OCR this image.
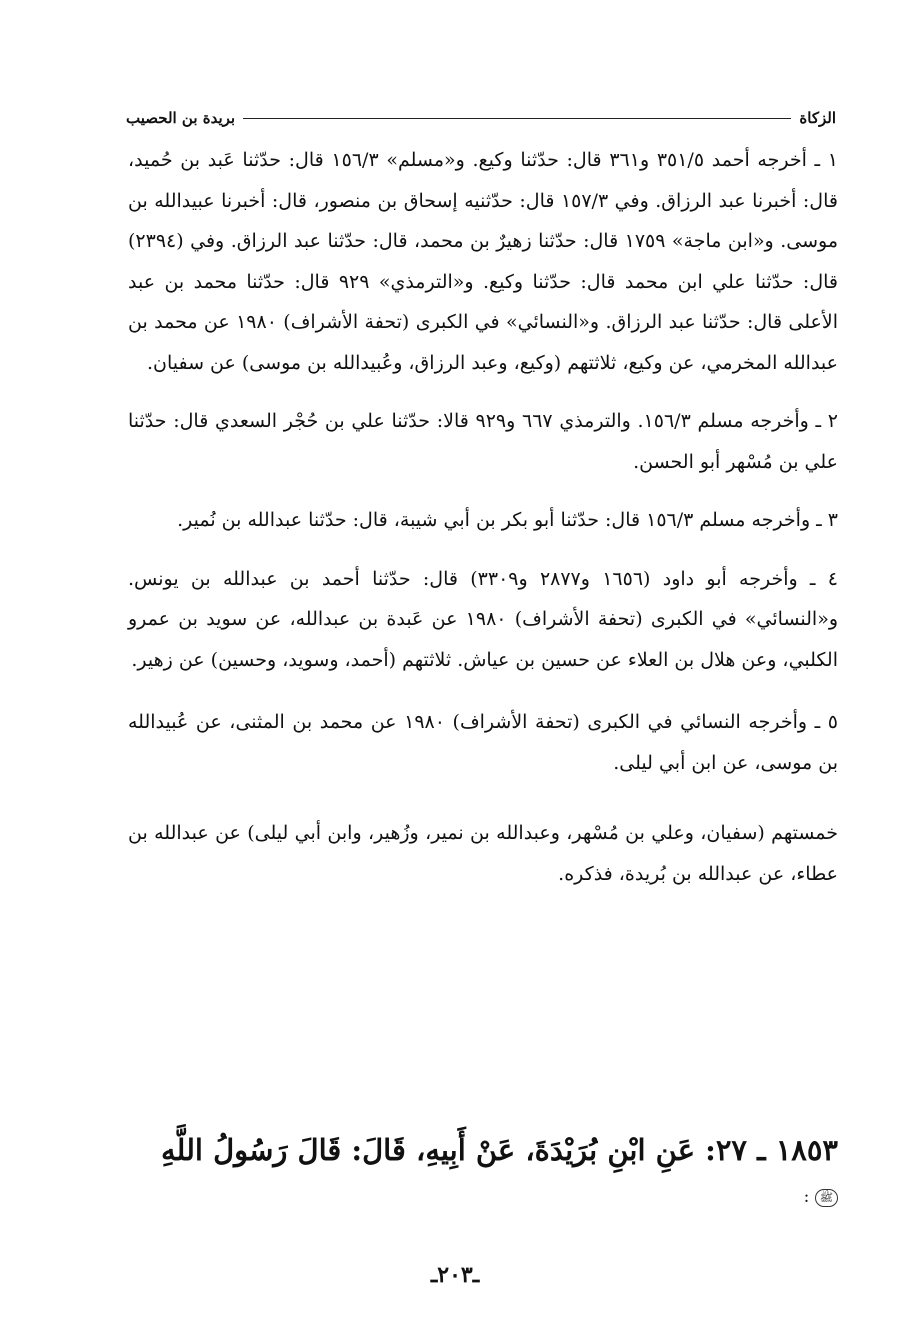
الزكاة
بريدة بن الحصيب

١ ـ أخرجه أحمد ٣٥١/٥ و٣٦١ قال: حدّثنا وكيع. و«مسلم» ١٥٦/٣ قال: حدّثنا عَبد بن حُميد، قال: أخبرنا عبد الرزاق. وفي ١٥٧/٣ قال: حدّثنيه إسحاق بن منصور، قال: أخبرنا عبيدالله بن موسى. و«ابن ماجة» ١٧٥٩ قال: حدّثنا زهيرٌ بن محمد، قال: حدّثنا عبد الرزاق. وفي (٢٣٩٤) قال: حدّثنا علي ابن محمد قال: حدّثنا وكيع. و«الترمذي» ٩٢٩ قال: حدّثنا محمد بن عبد الأعلى قال: حدّثنا عبد الرزاق. و«النسائي» في الكبرى (تحفة الأشراف) ١٩٨٠ عن محمد بن عبدالله المخرمي، عن وكيع، ثلاثتهم (وكيع، وعبد الرزاق، وعُبيدالله بن موسى) عن سفيان.

٢ ـ وأخرجه مسلم ١٥٦/٣. والترمذي ٦٦٧ و٩٢٩ قالا: حدّثنا علي بن حُجْر السعدي قال: حدّثنا علي بن مُسْهر أبو الحسن.

٣ ـ وأخرجه مسلم ١٥٦/٣ قال: حدّثنا أبو بكر بن أبي شيبة، قال: حدّثنا عبدالله بن نُمير.

٤ ـ وأخرجه أبو داود (١٦٥٦ و٢٨٧٧ و٣٣٠٩) قال: حدّثنا أحمد بن عبدالله بن يونس. و«النسائي» في الكبرى (تحفة الأشراف) ١٩٨٠ عن عَبدة بن عبدالله، عن سويد بن عمرو الكلبي، وعن هلال بن العلاء عن حسين بن عياش. ثلاثتهم (أحمد، وسويد، وحسين) عن زهير.

٥ ـ وأخرجه النسائي في الكبرى (تحفة الأشراف) ١٩٨٠ عن محمد بن المثنى، عن عُبيدالله بن موسى، عن ابن أبي ليلى.

خمستهم (سفيان، وعلي بن مُسْهر، وعبدالله بن نمير، وزُهير، وابن أبي ليلى) عن عبدالله بن عطاء، عن عبدالله بن بُريدة، فذكره.

١٨٥٣ ـ ٢٧: عَنِ ابْنِ بُرَيْدَةَ، عَنْ أَبِيهِ، قَالَ: قَالَ رَسُولُ اللَّهِ
ﷺ :
ـ٢٠٣ـ
